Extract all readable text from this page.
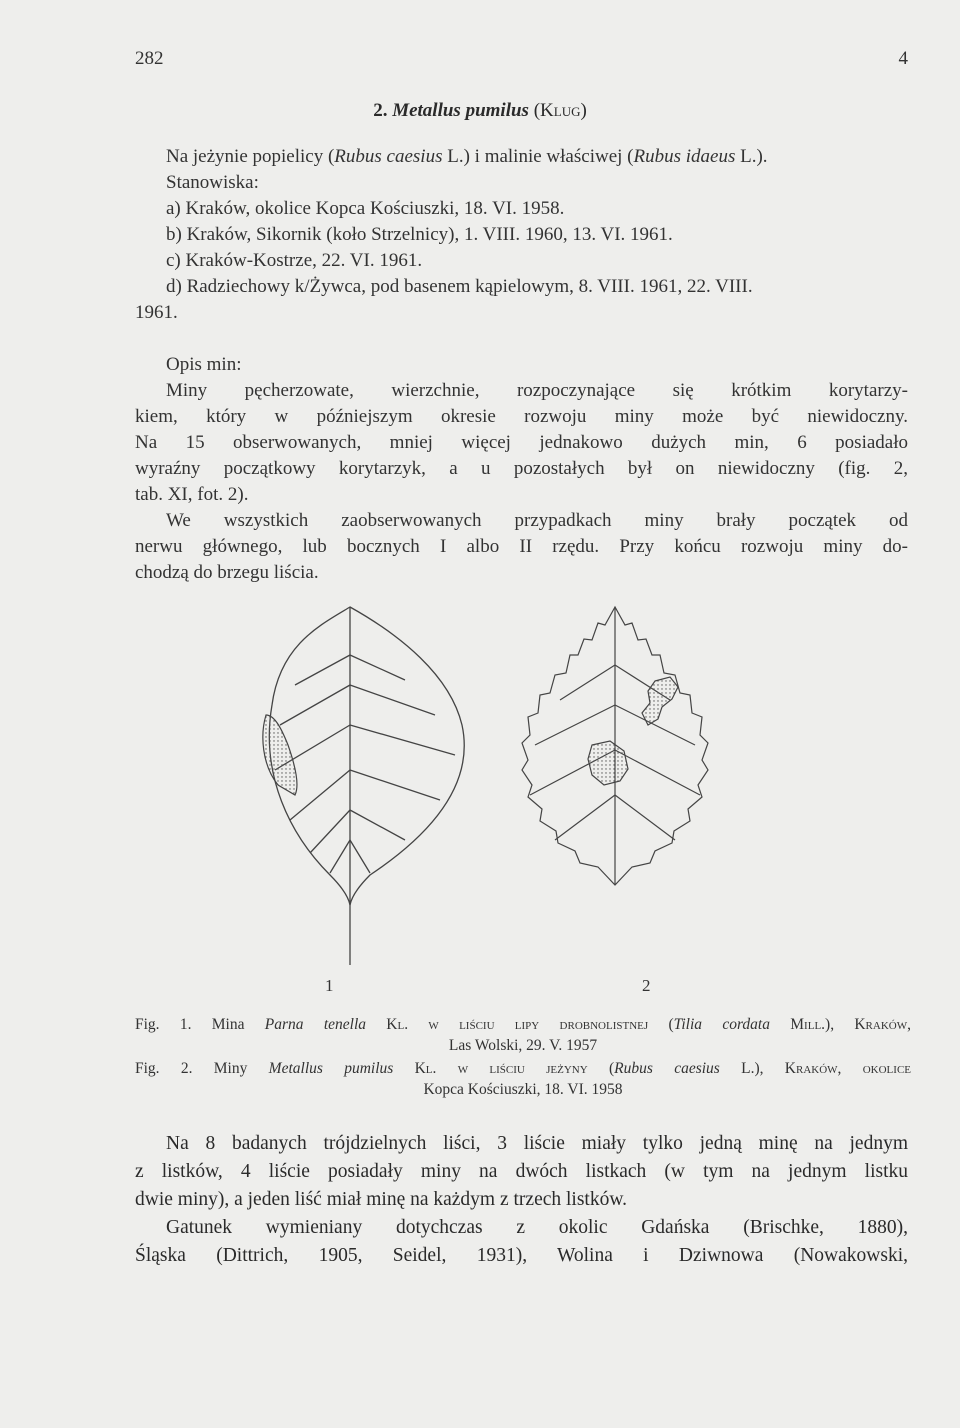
282	4
2. Metallus pumilus (Klug)
Na jeżynie popielicy (Rubus caesius L.) i malinie właściwej (Rubus idaeus L.).
Stanowiska:
a) Kraków, okolice Kopca Kościuszki, 18. VI. 1958.
b) Kraków, Sikornik (koło Strzelnicy), 1. VIII. 1960, 13. VI. 1961.
c) Kraków-Kostrze, 22. VI. 1961.
d) Radziechowy k/Żywca, pod basenem kąpielowym, 8. VIII. 1961, 22. VIII.
1961.
Opis min:
Miny pęcherzowate, wierzchnie, rozpoczynające się krótkim korytarzy-
kiem, który w późniejszym okresie rozwoju miny może być niewidoczny.
Na 15 obserwowanych, mniej więcej jednakowo dużych min, 6 posiadało
wyraźny początkowy korytarzyk, a u pozostałych był on niewidoczny (fig. 2,
tab. XI, fot. 2).
We wszystkich zaobserwowanych przypadkach miny brały początek od
nerwu głównego, lub bocznych I albo II rzędu. Przy końcu rozwoju miny do-
chodzą do brzegu liścia.
1	2
Fig. 1. Mina Parna tenella Kl. w liściu lipy drobnolistnej (Tilia cordata Mill.), Kraków,
Las Wolski, 29. V. 1957
Fig. 2. Miny Metallus pumilus Kl. w liściu jeżyny (Rubus caesius L.), Kraków, okolice
Kopca Kościuszki, 18. VI. 1958
Na 8 badanych trójdzielnych liści, 3 liście miały tylko jedną minę na jednym
z listków, 4 liście posiadały miny na dwóch listkach (w tym na jednym listku
dwie miny), a jeden liść miał minę na każdym z trzech listków.
Gatunek wymieniany dotychczas z okolic Gdańska (Brischke, 1880),
Śląska (Dittrich, 1905, Seidel, 1931), Wolina i Dziwnowa (Nowakowski,
